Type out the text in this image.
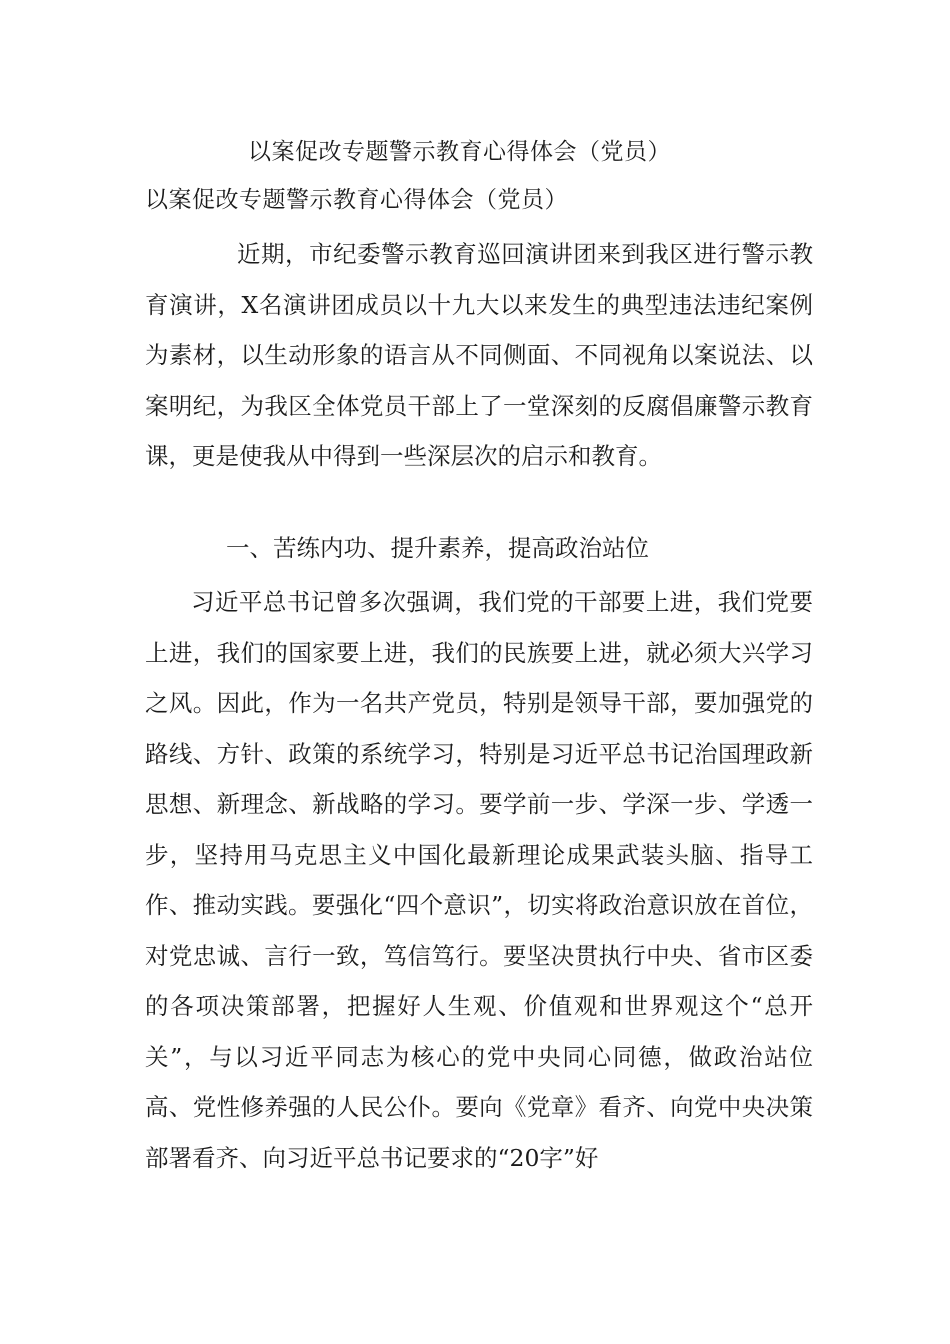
以案促改专题警示教育心得体会（党员）
以案促改专题警示教育心得体会（党员）

近期，市纪委警示教育巡回演讲团来到我区进行警示教育演讲，X名演讲团成员以十九大以来发生的典型违法违纪案例为素材，以生动形象的语言从不同侧面、不同视角以案说法、以案明纪，为我区全体党员干部上了一堂深刻的反腐倡廉警示教育课，更是使我从中得到一些深层次的启示和教育。

一、苦练内功、提升素养，提高政治站位

习近平总书记曾多次强调，我们党的干部要上进，我们党要上进，我们的国家要上进，我们的民族要上进，就必须大兴学习之风。因此，作为一名共产党员，特别是领导干部，要加强党的路线、方针、政策的系统学习，特别是习近平总书记治国理政新思想、新理念、新战略的学习。要学前一步、学深一步、学透一步，坚持用马克思主义中国化最新理论成果武装头脑、指导工作、推动实践。要强化“四个意识”，切实将政治意识放在首位，对党忠诚、言行一致，笃信笃行。要坚决贯执行中央、省市区委的各项决策部署，把握好人生观、价值观和世界观这个“总开关”，与以习近平同志为核心的党中央同心同德，做政治站位高、党性修养强的人民公仆。要向《党章》看齐、向党中央决策部署看齐、向习近平总书记要求的“20字”好
